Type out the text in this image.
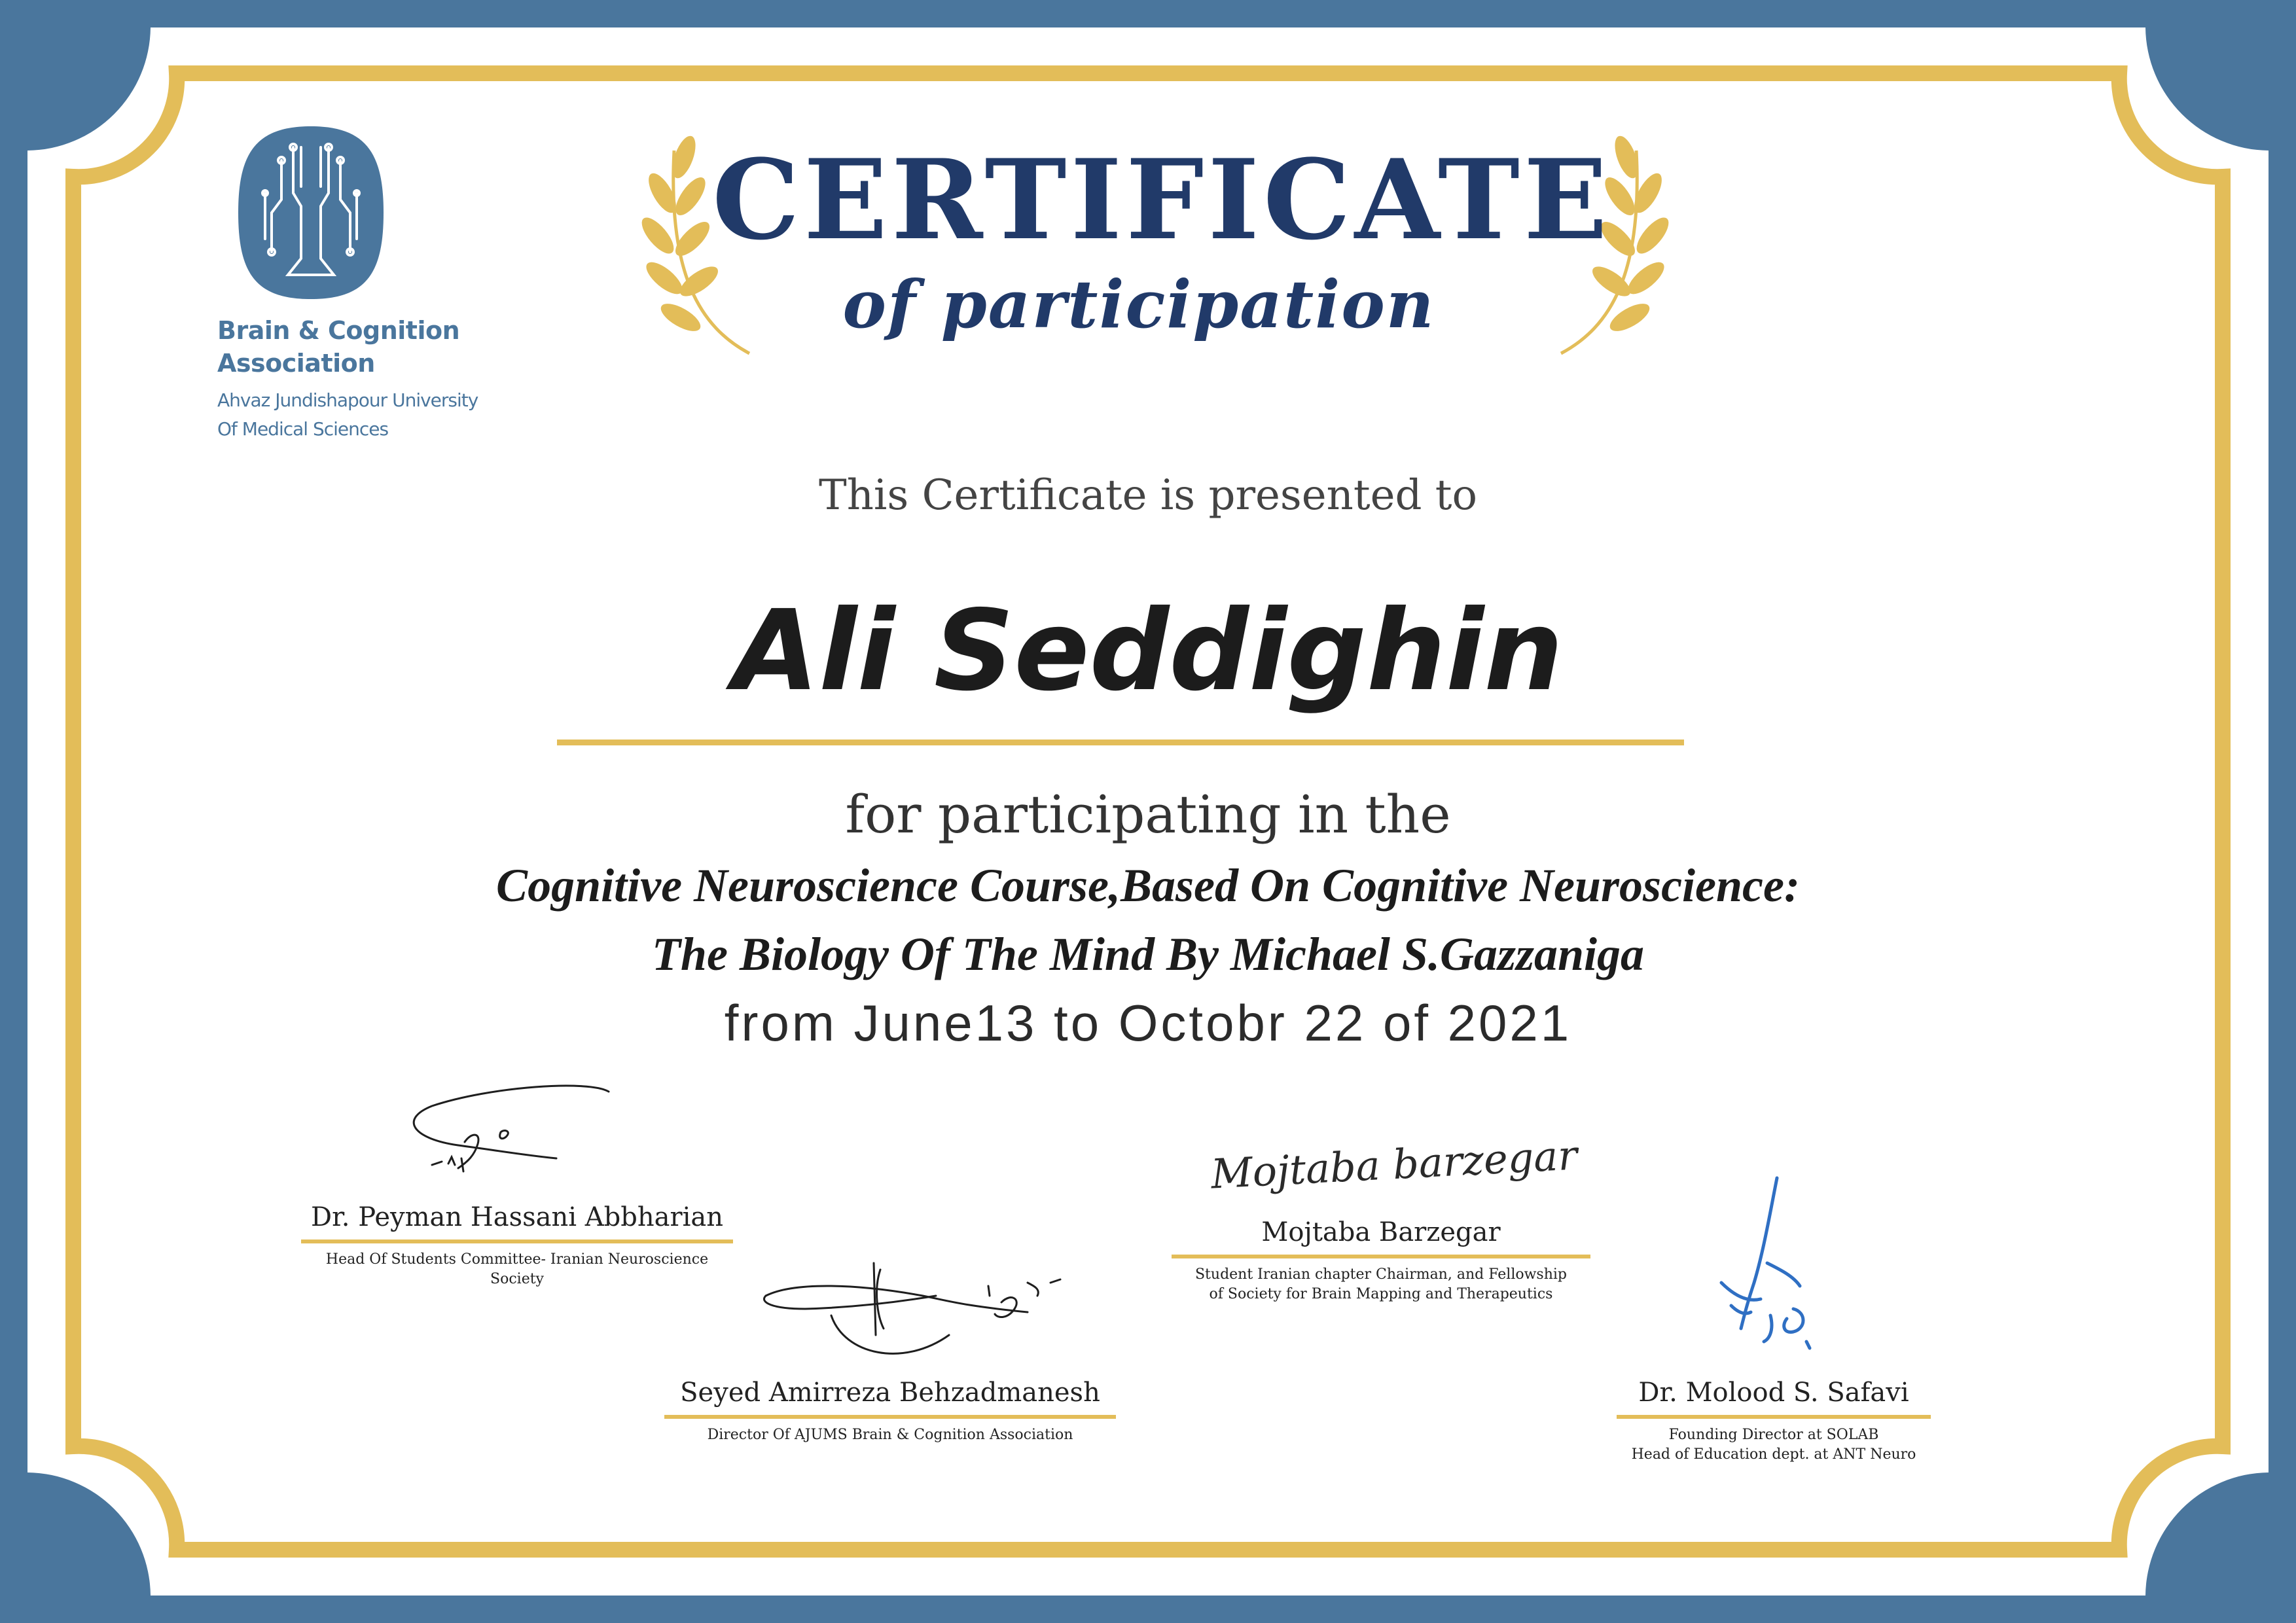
Brain & Cognition
Association
Ahvaz Jundishapour University
Of Medical Sciences
CERTIFICATE
of participation
This Certificate is presented to
Ali Seddighin
for participating in the
Cognitive Neuroscience Course,Based On Cognitive Neuroscience:
The Biology Of The Mind By Michael S.Gazzaniga
from June13 to Octobr 22 of 2021
Dr. Peyman Hassani Abbharian
Head Of Students Committee- Iranian Neuroscience
Society
Seyed Amirreza Behzadmanesh
Director Of AJUMS Brain & Cognition Association
Mojtaba barzegar
Mojtaba Barzegar
Student Iranian chapter Chairman, and Fellowship
of Society for Brain Mapping and Therapeutics
Dr. Molood S. Safavi
Founding Director at SOLAB
Head of Education dept. at ANT Neuro
